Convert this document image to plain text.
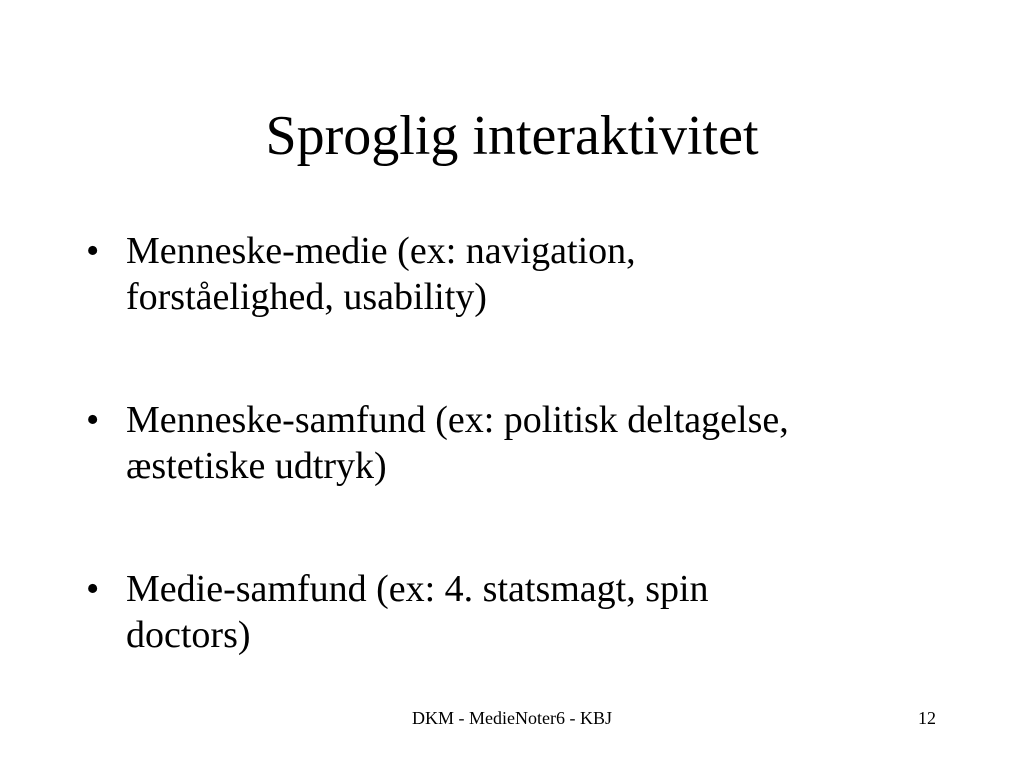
Sproglig interaktivitet
• Menneske-medie (ex: navigation,
forståelighed, usability)
• Menneske-samfund (ex: politisk deltagelse,
æstetiske udtryk)
• Medie-samfund (ex: 4. statsmagt, spin
doctors)
DKM - MedieNoter6 - KBJ	12
